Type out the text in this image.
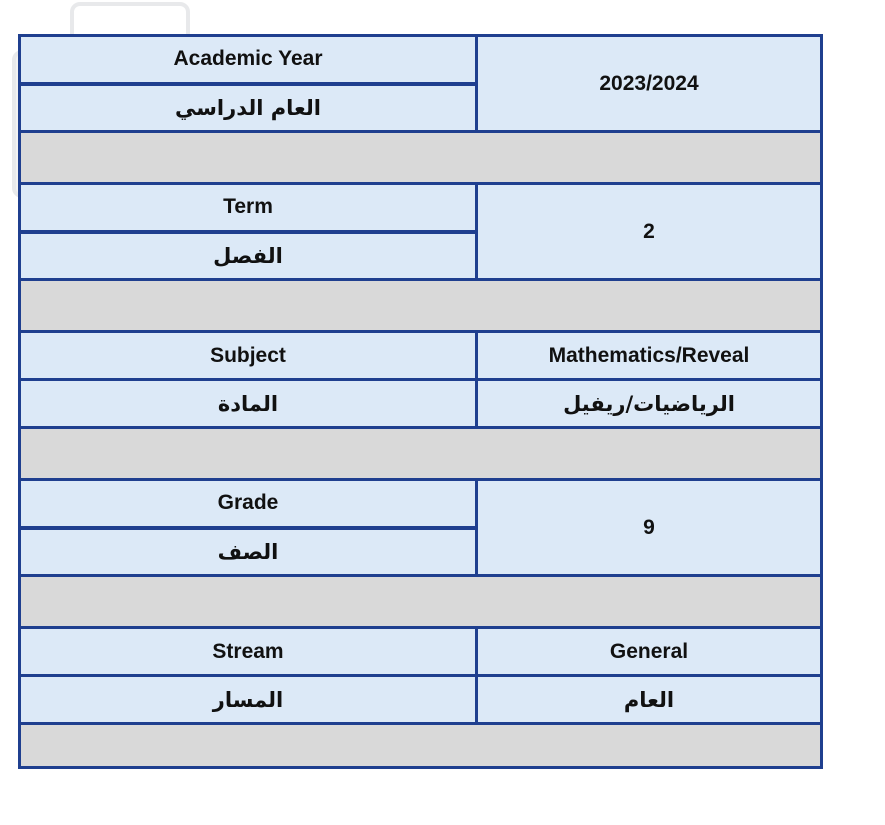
Academic Year	2023/2024
العام الدراسي	

Term	2
الفصل	

Subject	Mathematics/Reveal
المادة	الرياضيات/ريفيل

Grade	9
الصف	

Stream	General
المسار	العام
